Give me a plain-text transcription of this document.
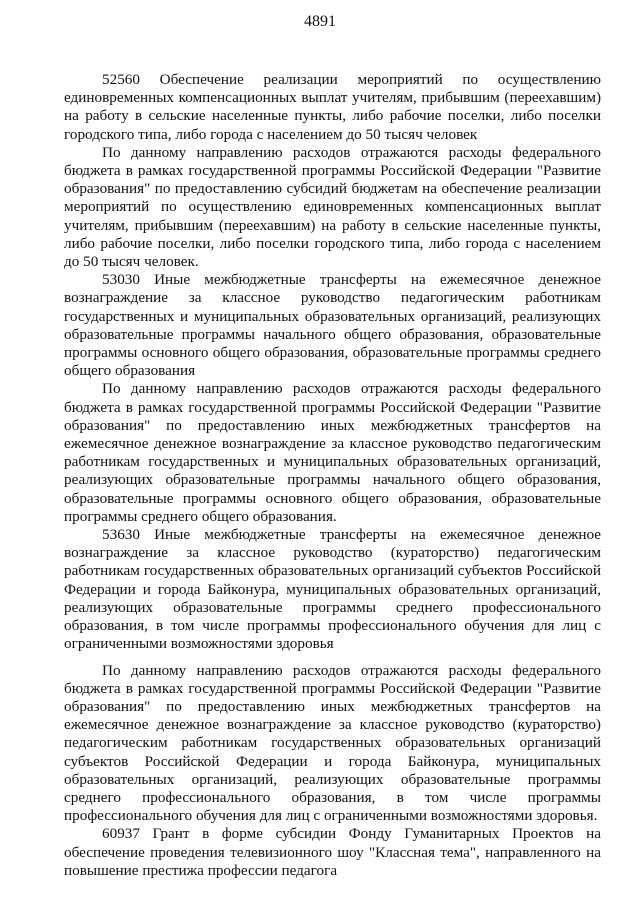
4891

52560 Обеспечение реализации мероприятий по осуществлению единовременных компенсационных выплат учителям, прибывшим (переехавшим) на работу в сельские населенные пункты, либо рабочие поселки, либо поселки городского типа, либо города с населением до 50 тысяч человек

По данному направлению расходов отражаются расходы федерального бюджета в рамках государственной программы Российской Федерации "Развитие образования" по предоставлению субсидий бюджетам на обеспечение реализации мероприятий по осуществлению единовременных компенсационных выплат учителям, прибывшим (переехавшим) на работу в сельские населенные пункты, либо рабочие поселки, либо поселки городского типа, либо города с населением до 50 тысяч человек.

53030 Иные межбюджетные трансферты на ежемесячное денежное вознаграждение за классное руководство педагогическим работникам государственных и муниципальных образовательных организаций, реализующих образовательные программы начального общего образования, образовательные программы основного общего образования, образовательные программы среднего общего образования

По данному направлению расходов отражаются расходы федерального бюджета в рамках государственной программы Российской Федерации "Развитие образования" по предоставлению иных межбюджетных трансфертов на ежемесячное денежное вознаграждение за классное руководство педагогическим работникам государственных и муниципальных образовательных организаций, реализующих образовательные программы начального общего образования, образовательные программы основного общего образования, образовательные программы среднего общего образования.

53630 Иные межбюджетные трансферты на ежемесячное денежное вознаграждение за классное руководство (кураторство) педагогическим работникам государственных образовательных организаций субъектов Российской Федерации и города Байконура, муниципальных образовательных организаций, реализующих образовательные программы среднего профессионального образования, в том числе программы профессионального обучения для лиц с ограниченными возможностями здоровья

По данному направлению расходов отражаются расходы федерального бюджета в рамках государственной программы Российской Федерации "Развитие образования" по предоставлению иных межбюджетных трансфертов на ежемесячное денежное вознаграждение за классное руководство (кураторство) педагогическим работникам государственных образовательных организаций субъектов Российской Федерации и города Байконура, муниципальных образовательных организаций, реализующих образовательные программы среднего профессионального образования, в том числе программы профессионального обучения для лиц с ограниченными возможностями здоровья.

60937 Грант в форме субсидии Фонду Гуманитарных Проектов на обеспечение проведения телевизионного шоу "Классная тема", направленного на повышение престижа профессии педагога
